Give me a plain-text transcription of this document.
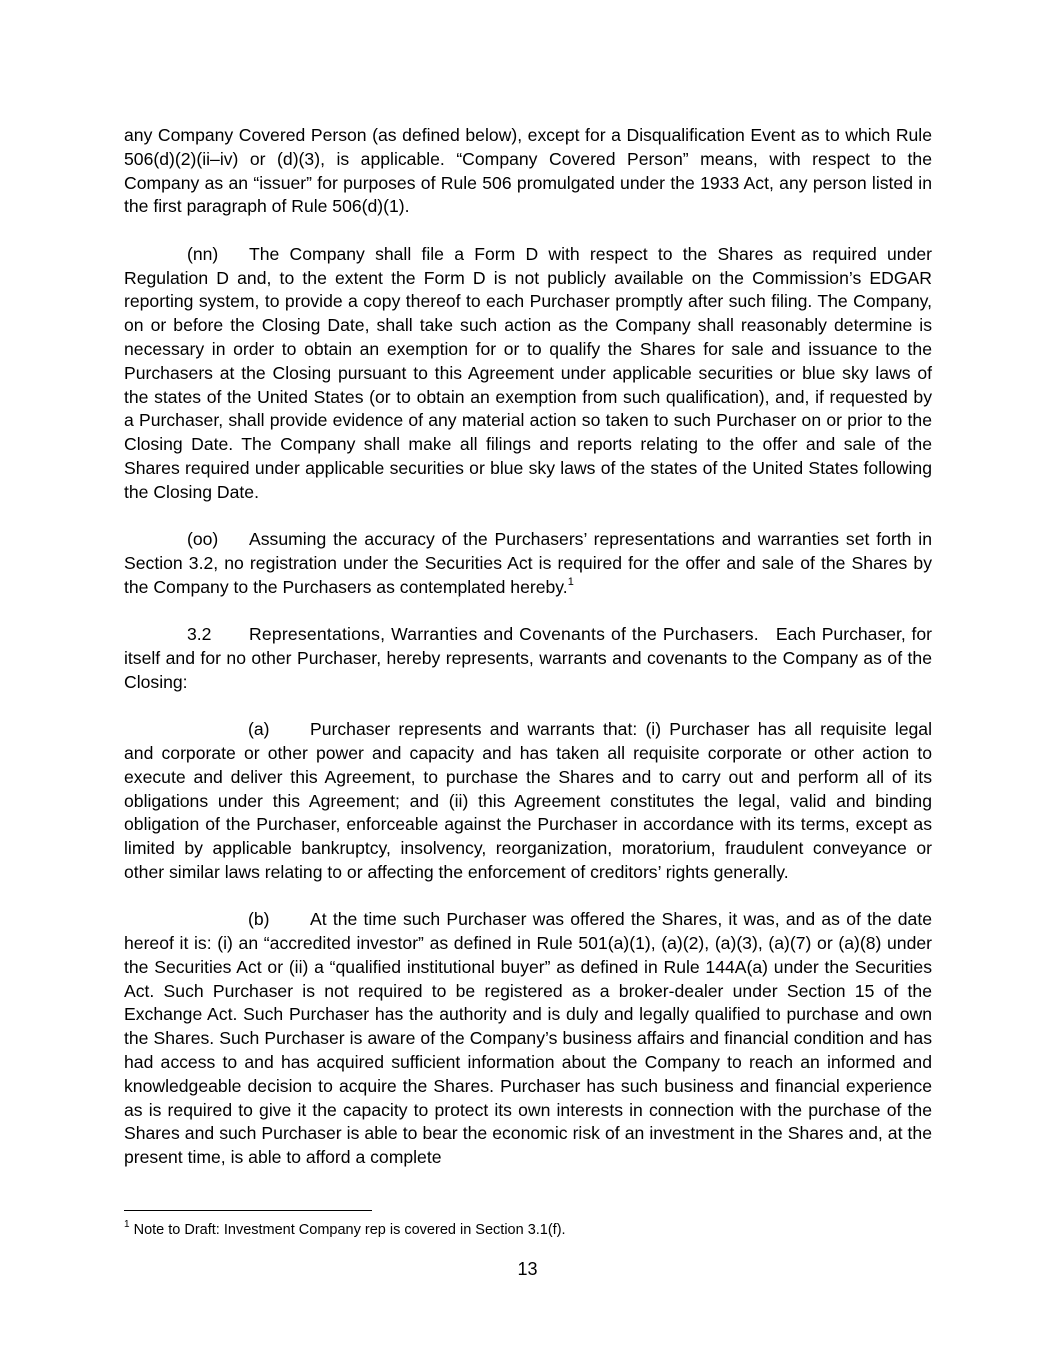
any Company Covered Person (as defined below), except for a Disqualification Event as to which Rule 506(d)(2)(ii–iv) or (d)(3), is applicable. “Company Covered Person” means, with respect to the Company as an “issuer” for purposes of Rule 506 promulgated under the 1933 Act, any person listed in the first paragraph of Rule 506(d)(1).

(nn) The Company shall file a Form D with respect to the Shares as required under Regulation D and, to the extent the Form D is not publicly available on the Commission’s EDGAR reporting system, to provide a copy thereof to each Purchaser promptly after such filing. The Company, on or before the Closing Date, shall take such action as the Company shall reasonably determine is necessary in order to obtain an exemption for or to qualify the Shares for sale and issuance to the Purchasers at the Closing pursuant to this Agreement under applicable securities or blue sky laws of the states of the United States (or to obtain an exemption from such qualification), and, if requested by a Purchaser, shall provide evidence of any material action so taken to such Purchaser on or prior to the Closing Date. The Company shall make all filings and reports relating to the offer and sale of the Shares required under applicable securities or blue sky laws of the states of the United States following the Closing Date.

(oo) Assuming the accuracy of the Purchasers’ representations and warranties set forth in Section 3.2, no registration under the Securities Act is required for the offer and sale of the Shares by the Company to the Purchasers as contemplated hereby.$^1$

3.2 Representations, Warranties and Covenants of the Purchasers. Each Purchaser, for itself and for no other Purchaser, hereby represents, warrants and covenants to the Company as of the Closing:

(a) Purchaser represents and warrants that: (i) Purchaser has all requisite legal and corporate or other power and capacity and has taken all requisite corporate or other action to execute and deliver this Agreement, to purchase the Shares and to carry out and perform all of its obligations under this Agreement; and (ii) this Agreement constitutes the legal, valid and binding obligation of the Purchaser, enforceable against the Purchaser in accordance with its terms, except as limited by applicable bankruptcy, insolvency, reorganization, moratorium, fraudulent conveyance or other similar laws relating to or affecting the enforcement of creditors’ rights generally.

(b) At the time such Purchaser was offered the Shares, it was, and as of the date hereof it is: (i) an “accredited investor” as defined in Rule 501(a)(1), (a)(2), (a)(3), (a)(7) or (a)(8) under the Securities Act or (ii) a “qualified institutional buyer” as defined in Rule 144A(a) under the Securities Act. Such Purchaser is not required to be registered as a broker-dealer under Section 15 of the Exchange Act. Such Purchaser has the authority and is duly and legally qualified to purchase and own the Shares. Such Purchaser is aware of the Company’s business affairs and financial condition and has had access to and has acquired sufficient information about the Company to reach an informed and knowledgeable decision to acquire the Shares. Purchaser has such business and financial experience as is required to give it the capacity to protect its own interests in connection with the purchase of the Shares and such Purchaser is able to bear the economic risk of an investment in the Shares and, at the present time, is able to afford a complete

$^1$ Note to Draft: Investment Company rep is covered in Section 3.1(f).
13
